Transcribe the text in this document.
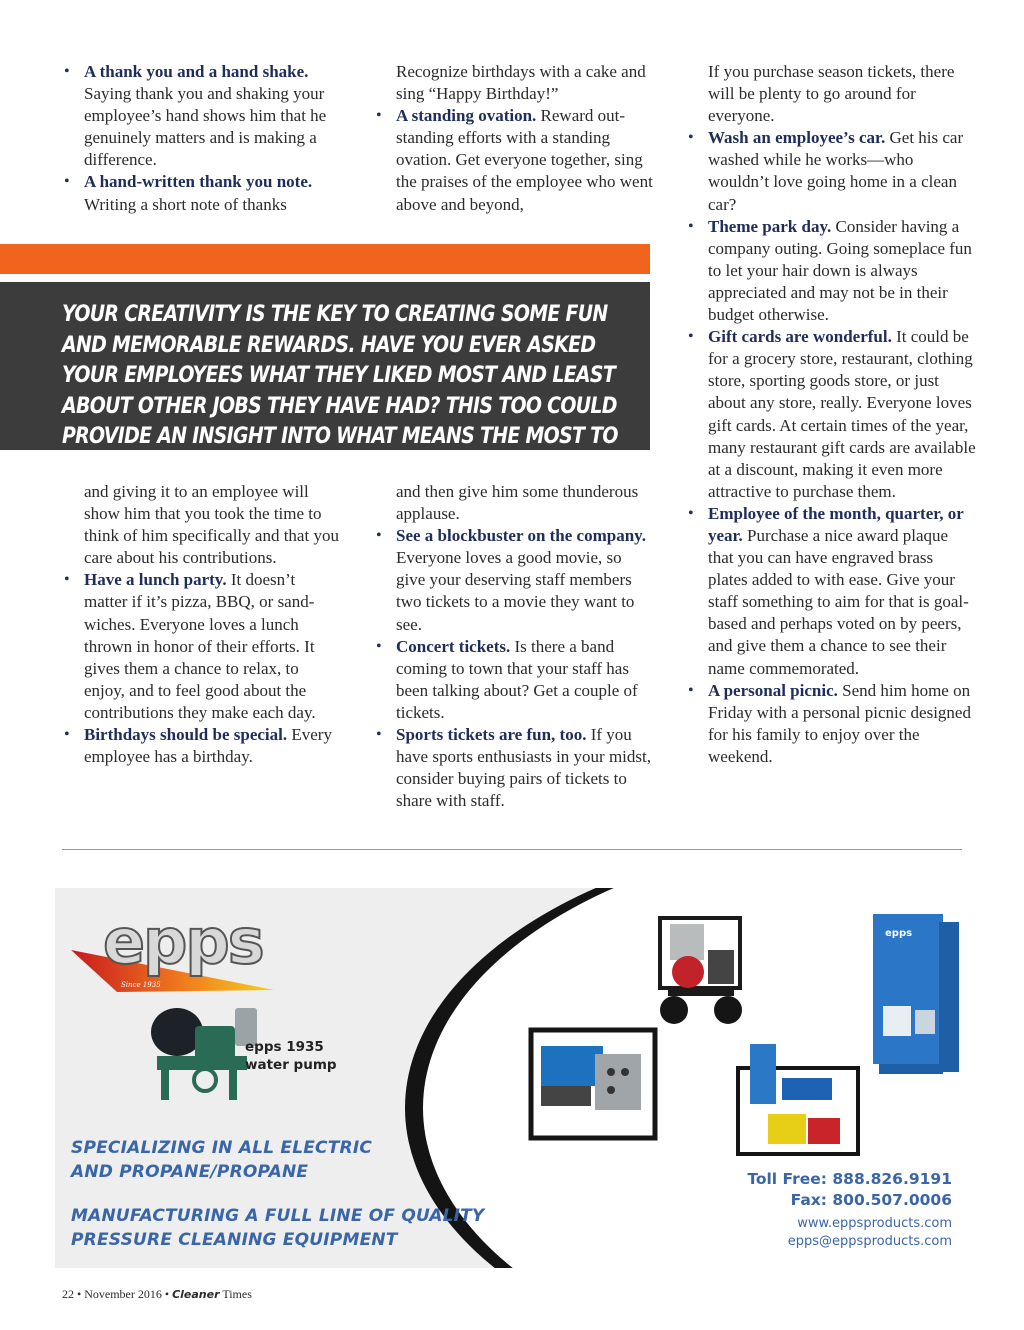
• A thank you and a hand shake. Saying thank you and shaking your employee’s hand shows him that he genuinely matters and is making a difference.
• A hand-written thank you note. Writing a short note of thanks

Recognize birthdays with a cake and sing “Happy Birthday!”

• A standing ovation. Reward outstanding efforts with a standing ovation. Get everyone together, sing the praises of the employee who went above and beyond,

If you purchase season tickets, there will be plenty to go around for everyone.

• Wash an employee’s car. Get his car washed while he works—who wouldn’t love going home in a clean car?
• Theme park day. Consider having a company outing. Going someplace fun to let your hair down is always appreciated and may not be in their budget otherwise.
• Gift cards are wonderful. It could be for a grocery store, restaurant, clothing store, sporting goods store, or just about any store, really. Everyone loves gift cards. At certain times of the year, many restaurant gift cards are available at a discount, making it even more attractive to purchase them.
• Employee of the month, quarter, or year. Purchase a nice award plaque that you can have engraved brass plates added to with ease. Give your staff something to aim for that is goal-based and perhaps voted on by peers, and give them a chance to see their name commemorated.
• A personal picnic. Send him home on Friday with a personal picnic designed for his family to enjoy over the weekend.
YOUR CREATIVITY IS THE KEY TO CREATING SOME FUN AND MEMORABLE REWARDS. HAVE YOU EVER ASKED YOUR EMPLOYEES WHAT THEY LIKED MOST AND LEAST ABOUT OTHER JOBS THEY HAVE HAD? THIS TOO COULD PROVIDE AN INSIGHT INTO WHAT MEANS THE MOST TO THEM.

and giving it to an employee will show him that you took the time to think of him specifically and that you care about his contributions.

• Have a lunch party. It doesn’t matter if it’s pizza, BBQ, or sandwiches. Everyone loves a lunch thrown in honor of their efforts. It gives them a chance to relax, to enjoy, and to feel good about the contributions they make each day.
• Birthdays should be special. Every employee has a birthday.

and then give him some thunderous applause.

• See a blockbuster on the company. Everyone loves a good movie, so give your deserving staff members two tickets to a movie they want to see.
• Concert tickets. Is there a band coming to town that your staff has been talking about? Get a couple of tickets.
• Sports tickets are fun, too. If you have sports enthusiasts in your midst, consider buying pairs of tickets to share with staff.
epps
Since 1935
epps 1935
water pump
SPECIALIZING IN ALL ELECTRIC
AND PROPANE/PROPANE
MANUFACTURING A FULL LINE OF QUALITY
PRESSURE CLEANING EQUIPMENT
epps
Toll Free: 888.826.9191
Fax: 800.507.0006
www.eppsproducts.com
epps@eppsproducts.com
22 • November 2016 • Cleaner Times
